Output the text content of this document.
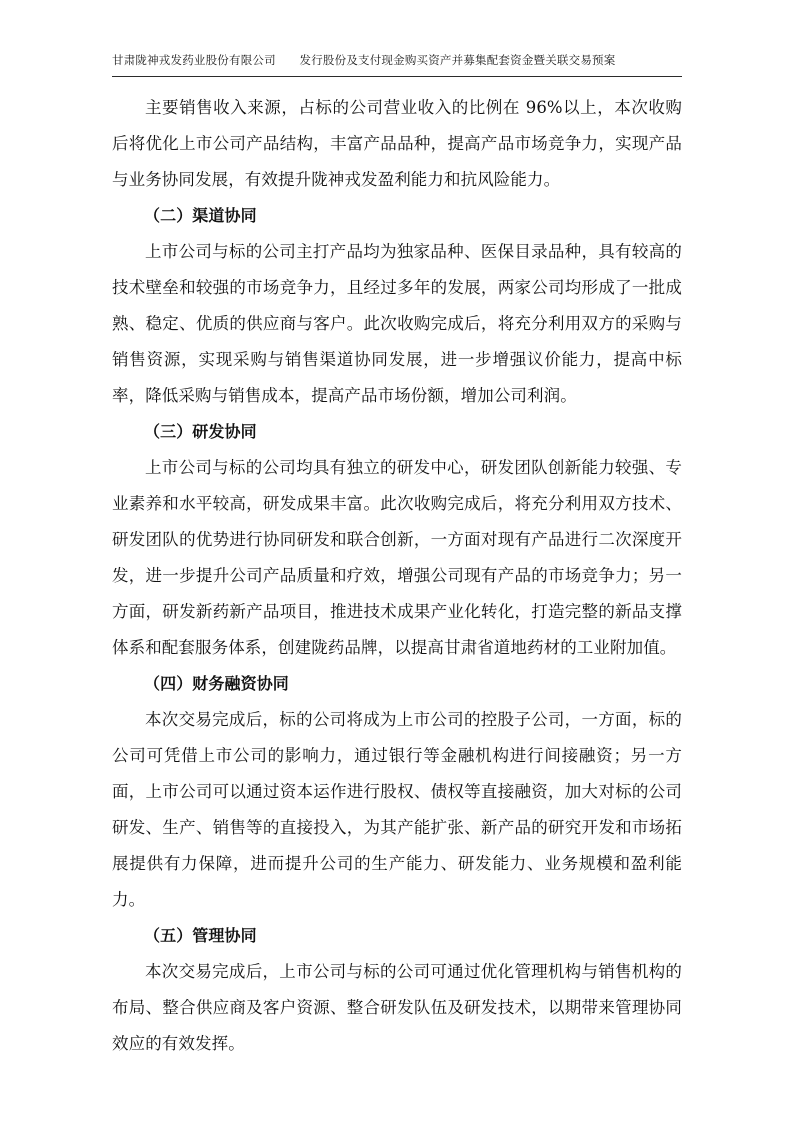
甘肃陇神戎发药业股份有限公司 发行股份及支付现金购买资产并募集配套资金暨关联交易预案

主要销售收入来源，占标的公司营业收入的比例在 96%以上，本次收购后将优化上市公司产品结构，丰富产品品种，提高产品市场竞争力，实现产品与业务协同发展，有效提升陇神戎发盈利能力和抗风险能力。

（二）渠道协同

上市公司与标的公司主打产品均为独家品种、医保目录品种，具有较高的技术壁垒和较强的市场竞争力，且经过多年的发展，两家公司均形成了一批成熟、稳定、优质的供应商与客户。此次收购完成后，将充分利用双方的采购与销售资源，实现采购与销售渠道协同发展，进一步增强议价能力，提高中标率，降低采购与销售成本，提高产品市场份额，增加公司利润。

（三）研发协同

上市公司与标的公司均具有独立的研发中心，研发团队创新能力较强、专业素养和水平较高，研发成果丰富。此次收购完成后，将充分利用双方技术、研发团队的优势进行协同研发和联合创新，一方面对现有产品进行二次深度开发，进一步提升公司产品质量和疗效，增强公司现有产品的市场竞争力；另一方面，研发新药新产品项目，推进技术成果产业化转化，打造完整的新品支撑体系和配套服务体系，创建陇药品牌，以提高甘肃省道地药材的工业附加值。

（四）财务融资协同

本次交易完成后，标的公司将成为上市公司的控股子公司，一方面，标的公司可凭借上市公司的影响力，通过银行等金融机构进行间接融资；另一方面，上市公司可以通过资本运作进行股权、债权等直接融资，加大对标的公司研发、生产、销售等的直接投入，为其产能扩张、新产品的研究开发和市场拓展提供有力保障，进而提升公司的生产能力、研发能力、业务规模和盈利能力。

（五）管理协同

本次交易完成后，上市公司与标的公司可通过优化管理机构与销售机构的布局、整合供应商及客户资源、整合研发队伍及研发技术，以期带来管理协同效应的有效发挥。
